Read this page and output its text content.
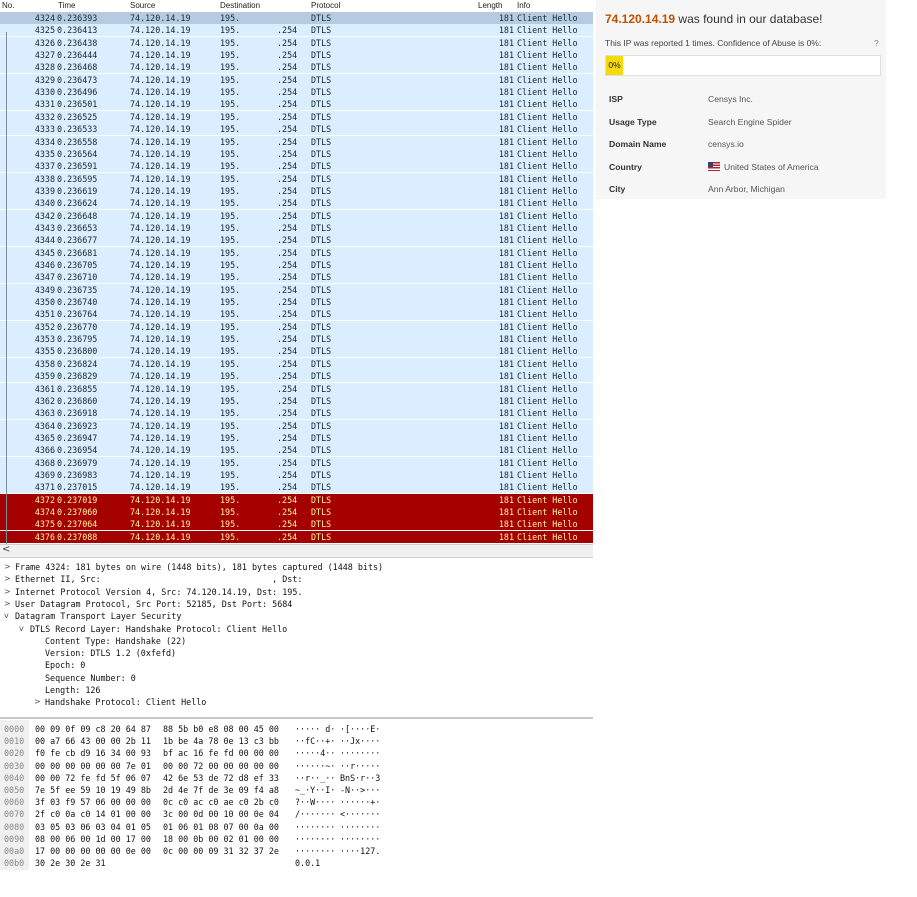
No.	Time	Source	Destination	Protocol	Length Info
4324 0.236393	74.120.14.19	195.	DTLS	181 Client Hello
4325 0.236413	74.120.14.19	195.	.254 DTLS	181 Client Hello
4326 0.236438	74.120.14.19	195.	.254 DTLS	181 Client Hello
4327 0.236444	74.120.14.19	195.	.254 DTLS	181 Client Hello
4328 0.236468	74.120.14.19	195.	.254 DTLS	181 Client Hello
4329 0.236473	74.120.14.19	195.	.254 DTLS	181 Client Hello
4330 0.236496	74.120.14.19	195.	.254 DTLS	181 Client Hello
4331 0.236501	74.120.14.19	195.	.254 DTLS	181 Client Hello
4332 0.236525	74.120.14.19	195.	.254 DTLS	181 Client Hello
4333 0.236533	74.120.14.19	195.	.254 DTLS	181 Client Hello
4334 0.236558	74.120.14.19	195.	.254 DTLS	181 Client Hello
4335 0.236564	74.120.14.19	195.	.254 DTLS	181 Client Hello
4337 0.236591	74.120.14.19	195.	.254 DTLS	181 Client Hello
4338 0.236595	74.120.14.19	195.	.254 DTLS	181 Client Hello
4339 0.236619	74.120.14.19	195.	.254 DTLS	181 Client Hello
4340 0.236624	74.120.14.19	195.	.254 DTLS	181 Client Hello
4342 0.236648	74.120.14.19	195.	.254 DTLS	181 Client Hello
4343 0.236653	74.120.14.19	195.	.254 DTLS	181 Client Hello
4344 0.236677	74.120.14.19	195.	.254 DTLS	181 Client Hello
4345 0.236681	74.120.14.19	195.	.254 DTLS	181 Client Hello
4346 0.236705	74.120.14.19	195.	.254 DTLS	181 Client Hello
4347 0.236710	74.120.14.19	195.	.254 DTLS	181 Client Hello
4349 0.236735	74.120.14.19	195.	.254 DTLS	181 Client Hello
4350 0.236740	74.120.14.19	195.	.254 DTLS	181 Client Hello
4351 0.236764	74.120.14.19	195.	.254 DTLS	181 Client Hello
4352 0.236770	74.120.14.19	195.	.254 DTLS	181 Client Hello
4353 0.236795	74.120.14.19	195.	.254 DTLS	181 Client Hello
4355 0.236800	74.120.14.19	195.	.254 DTLS	181 Client Hello
4358 0.236824	74.120.14.19	195.	.254 DTLS	181 Client Hello
4359 0.236829	74.120.14.19	195.	.254 DTLS	181 Client Hello
4361 0.236855	74.120.14.19	195.	.254 DTLS	181 Client Hello
4362 0.236860	74.120.14.19	195.	.254 DTLS	181 Client Hello
4363 0.236918	74.120.14.19	195.	.254 DTLS	181 Client Hello
4364 0.236923	74.120.14.19	195.	.254 DTLS	181 Client Hello
4365 0.236947	74.120.14.19	195.	.254 DTLS	181 Client Hello
4366 0.236954	74.120.14.19	195.	.254 DTLS	181 Client Hello
4368 0.236979	74.120.14.19	195.	.254 DTLS	181 Client Hello
4369 0.236983	74.120.14.19	195.	.254 DTLS	181 Client Hello
4371 0.237015	74.120.14.19	195.	.254 DTLS	181 Client Hello
4372 0.237019	74.120.14.19	195.	.254 DTLS	181 Client Hello
4374 0.237060	74.120.14.19	195.	.254 DTLS	181 Client Hello
4375 0.237064	74.120.14.19	195.	.254 DTLS	181 Client Hello
4376 0.237088	74.120.14.19	195.	.254 DTLS	181 Client Hello
<
> Frame 4324: 181 bytes on wire (1448 bits), 181 bytes captured (1448 bits)
> Ethernet II, Src:                                  , Dst:
> Internet Protocol Version 4, Src: 74.120.14.19, Dst: 195.
> User Datagram Protocol, Src Port: 52185, Dst Port: 5684
v Datagram Transport Layer Security
v DTLS Record Layer: Handshake Protocol: Client Hello
Content Type: Handshake (22)
Version: DTLS 1.2 (0xfefd)
Epoch: 0
Sequence Number: 0
Length: 126
> Handshake Protocol: Client Hello
0000 00 09 0f 09 c8 20 64 87 88 5b b0 e8 08 00 45 00 ····· d· ·[····E·
0010 00 a7 66 43 00 00 2b 11 1b be 4a 78 0e 13 c3 bb ··fC··+· ··Jx····
0020 f0 fe cb d9 16 34 00 93 bf ac 16 fe fd 00 00 00 ·····4·· ········
0030 00 00 00 00 00 00 7e 01 00 00 72 00 00 00 00 00 ······~· ··r·····
0040 00 00 72 fe fd 5f 06 07 42 6e 53 de 72 d8 ef 33 ··r··_·· BnS·r··3
0050 7e 5f ee 59 10 19 49 8b 2d 4e 7f de 3e 09 f4 a8 ~_·Y··I· -N··>···
0060 3f 03 f9 57 06 00 00 00 0c c0 ac c0 ae c0 2b c0 ?··W···· ······+·
0070 2f c0 0a c0 14 01 00 00 3c 00 0d 00 10 00 0e 04 /······· <·······
0080 03 05 03 06 03 04 01 05 01 06 01 08 07 00 0a 00 ········ ········
0090 08 00 06 00 1d 00 17 00 18 00 0b 00 02 01 00 00 ········ ········
00a0 17 00 00 00 00 00 0e 00 0c 00 00 09 31 32 37 2e ········ ····127.
00b0 30 2e 30 2e 31	0.0.1
74.120.14.19 was found in our database!
This IP was reported 1 times. Confidence of Abuse is 0%:	?
0%
ISP	Censys Inc.
Usage Type	Search Engine Spider
Domain Name	censys.io
Country	United States of America
City	Ann Arbor, Michigan
